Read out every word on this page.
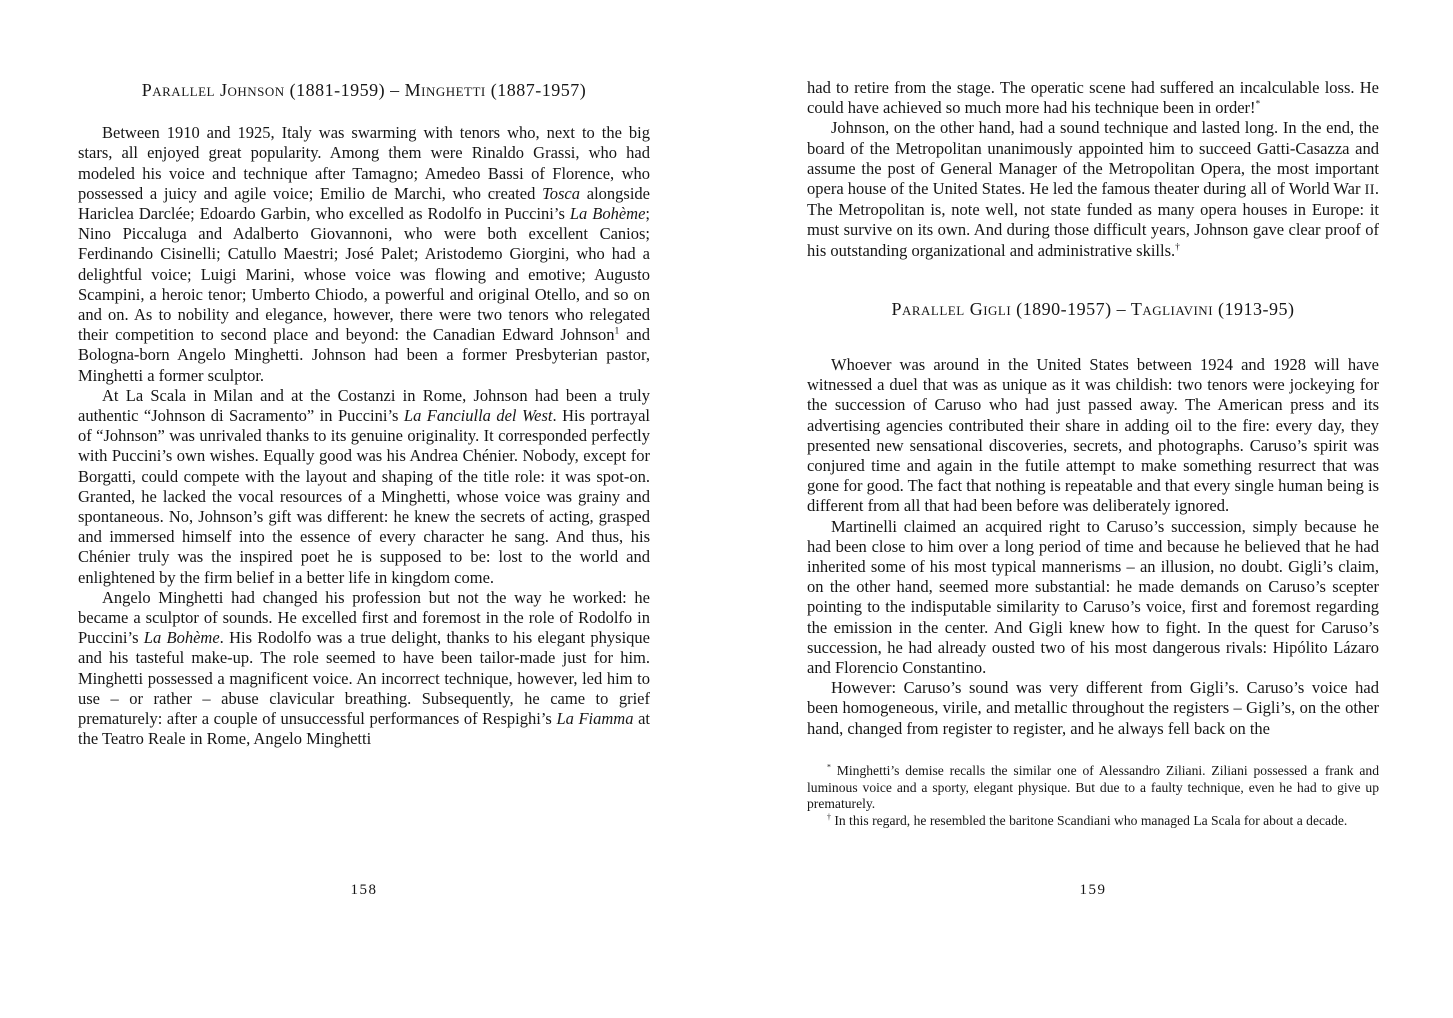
Parallel Johnson (1881-1959) – Minghetti (1887-1957)

Between 1910 and 1925, Italy was swarming with tenors who, next to the big stars, all enjoyed great popularity. Among them were Rinaldo Grassi, who had modeled his voice and technique after Tamagno; Amedeo Bassi of Florence, who possessed a juicy and agile voice; Emilio de Marchi, who created Tosca alongside Hariclea Darclée; Edoardo Garbin, who excelled as Rodolfo in Puccini’s La Bohème; Nino Piccaluga and Adalberto Giovannoni, who were both excellent Canios; Ferdinando Cisinelli; Catullo Maestri; José Palet; Aristodemo Giorgini, who had a delightful voice; Luigi Marini, whose voice was flowing and emotive; Augusto Scampini, a heroic tenor; Umberto Chiodo, a powerful and original Otello, and so on and on. As to nobility and elegance, however, there were two tenors who relegated their competition to second place and beyond: the Canadian Edward Johnson$^1$ and Bologna-born Angelo Minghetti. Johnson had been a former Presbyterian pastor, Minghetti a former sculptor.

At La Scala in Milan and at the Costanzi in Rome, Johnson had been a truly authentic “Johnson di Sacramento” in Puccini’s La Fanciulla del West. His portrayal of “Johnson” was unrivaled thanks to its genuine originality. It corresponded perfectly with Puccini’s own wishes. Equally good was his Andrea Chénier. Nobody, except for Borgatti, could compete with the layout and shaping of the title role: it was spot-on. Granted, he lacked the vocal resources of a Minghetti, whose voice was grainy and spontaneous. No, Johnson’s gift was different: he knew the secrets of acting, grasped and immersed himself into the essence of every character he sang. And thus, his Chénier truly was the inspired poet he is supposed to be: lost to the world and enlightened by the firm belief in a better life in kingdom come.

Angelo Minghetti had changed his profession but not the way he worked: he became a sculptor of sounds. He excelled first and foremost in the role of Rodolfo in Puccini’s La Bohème. His Rodolfo was a true delight, thanks to his elegant physique and his tasteful make-up. The role seemed to have been tailor-made just for him. Minghetti possessed a magnificent voice. An incorrect technique, however, led him to use – or rather – abuse clavicular breathing. Subsequently, he came to grief prematurely: after a couple of unsuccessful performances of Respighi’s La Fiamma at the Teatro Reale in Rome, Angelo Minghetti

had to retire from the stage. The operatic scene had suffered an incalculable loss. He could have achieved so much more had his technique been in order!*

Johnson, on the other hand, had a sound technique and lasted long. In the end, the board of the Metropolitan unanimously appointed him to succeed Gatti-Casazza and assume the post of General Manager of the Metropolitan Opera, the most important opera house of the United States. He led the famous theater during all of World War II. The Metropolitan is, note well, not state funded as many opera houses in Europe: it must survive on its own. And during those difficult years, Johnson gave clear proof of his outstanding organizational and administrative skills.†

Parallel Gigli (1890-1957) – Tagliavini (1913-95)

Whoever was around in the United States between 1924 and 1928 will have witnessed a duel that was as unique as it was childish: two tenors were jockeying for the succession of Caruso who had just passed away. The American press and its advertising agencies contributed their share in adding oil to the fire: every day, they presented new sensational discoveries, secrets, and photographs. Caruso’s spirit was conjured time and again in the futile attempt to make something resurrect that was gone for good. The fact that nothing is repeatable and that every single human being is different from all that had been before was deliberately ignored.

Martinelli claimed an acquired right to Caruso’s succession, simply because he had been close to him over a long period of time and because he believed that he had inherited some of his most typical mannerisms – an illusion, no doubt. Gigli’s claim, on the other hand, seemed more substantial: he made demands on Caruso’s scepter pointing to the indisputable similarity to Caruso’s voice, first and foremost regarding the emission in the center. And Gigli knew how to fight. In the quest for Caruso’s succession, he had already ousted two of his most dangerous rivals: Hipólito Lázaro and Florencio Constantino.

However: Caruso’s sound was very different from Gigli’s. Caruso’s voice had been homogeneous, virile, and metallic throughout the registers – Gigli’s, on the other hand, changed from register to register, and he always fell back on the

* Minghetti’s demise recalls the similar one of Alessandro Ziliani. Ziliani possessed a frank and luminous voice and a sporty, elegant physique. But due to a faulty technique, even he had to give up prematurely.

† In this regard, he resembled the baritone Scandiani who managed La Scala for about a decade.

158	159
